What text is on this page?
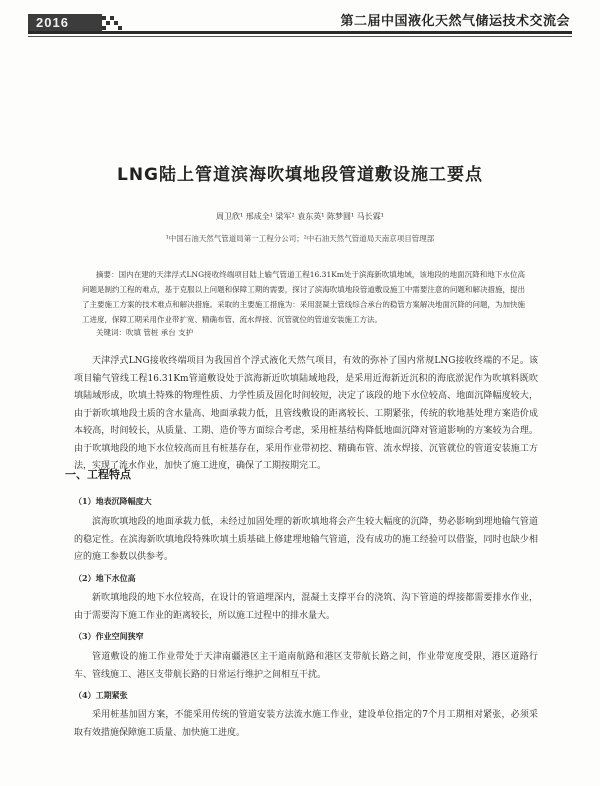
2016	第二届中国液化天然气储运技术交流会
LNG陆上管道滨海吹填地段管道敷设施工要点
周卫欣¹ 邢成全¹ 梁军² 袁东英¹ 陈梦圆¹ 马长霖¹
¹中国石油天然气管道局第一工程分公司；²中石油天然气管道局天南京项目管理部
摘要：国内在建的天津浮式LNG接收终端项目陆上输气管道工程16.31Km处于滨海新吹填地域，该地段的地面沉降和地下水位高问题是制约工程的难点，基于克服以上问题和保障工期的需要，探讨了滨海吹填地段管道敷设施工中需要注意的问题和解决措施，提出了主要施工方案的技术难点和解决措施。采取的主要施工措施为：采用混凝土管线综合承台的稳管方案解决地面沉降的问题，为加快施工进度，保障工期采用作业带扩宽、精确布管、流水焊接、沉管就位的管道安装施工方法。
关键词：吹填 管桩 承台 支护
天津浮式LNG接收终端项目为我国首个浮式液化天然气项目，有效的弥补了国内常规LNG接收终端的不足。该项目输气管线工程16.31Km管道敷设处于滨海新近吹填陆域地段，是采用近海新近沉积的海底淤泥作为吹填料既吹填陆域形成，吹填土特殊的物理性质、力学性质及固化时间较短，决定了该段的地下水位较高、地面沉降幅度较大，由于新吹填地段土质的含水量高、地面承载力低，且管线敷设的距离较长、工期紧张，传统的软地基处理方案造价成本较高，时间较长，从质量、工期、造价等方面综合考虑，采用桩基结构降低地面沉降对管道影响的方案较为合理。由于吹填地段的地下水位较高而且有桩基存在，采用作业带初挖、精确布管、流水焊接、沉管就位的管道安装施工方法，实现了流水作业，加快了施工进度，确保了工期按期完工。
一、工程特点
（1）地表沉降幅度大
滨海吹填地段的地面承载力低，未经过加固处理的新吹填地将会产生较大幅度的沉降，势必影响到埋地输气管道的稳定性。在滨海新吹填地段特殊吹填土质基础上修建埋地输气管道，没有成功的施工经验可以借鉴，同时也缺少相应的施工参数以供参考。
（2）地下水位高
新吹填地段的地下水位较高，在设计的管道埋深内，混凝土支撑平台的浇筑、沟下管道的焊接都需要排水作业，由于需要沟下施工作业的距离较长，所以施工过程中的排水量大。
（3）作业空间狭窄
管道敷设的施工作业带处于天津南疆港区主干道南航路和港区支带航长路之间，作业带宽度受限，港区道路行车、管线施工、港区支带航长路的日常运行维护之间相互干扰。
（4）工期紧张
采用桩基加固方案，不能采用传统的管道安装方法流水施工作业，建设单位指定的7个月工期相对紧张，必须采取有效措施保障施工质量、加快施工进度。
